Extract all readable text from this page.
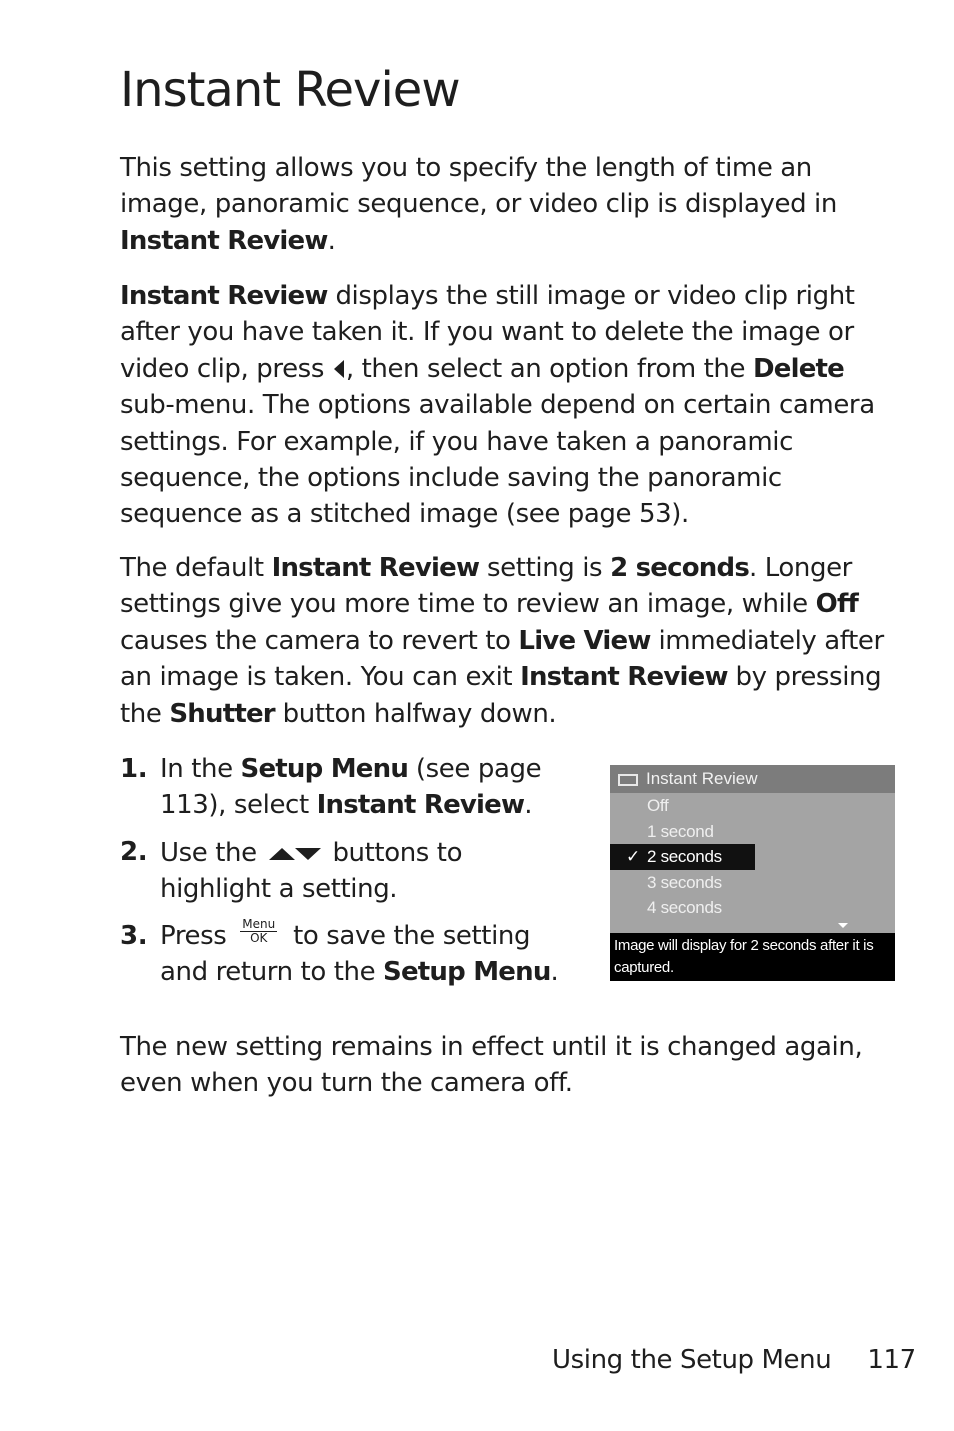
Instant Review

This setting allows you to specify the length of time an image, panoramic sequence, or video clip is displayed in Instant Review.

Instant Review displays the still image or video clip right after you have taken it. If you want to delete the image or video clip, press , then select an option from the Delete sub-menu. The options available depend on certain camera settings. For example, if you have taken a panoramic sequence, the options include saving the panoramic sequence as a stitched image (see page 53).

The default Instant Review setting is 2 seconds. Longer settings give you more time to review an image, while Off causes the camera to revert to Live View immediately after an image is taken. You can exit Instant Review by pressing the Shutter button halfway down.

1. In the Setup Menu (see page 113), select Instant Review.
2. Use the  buttons to highlight a setting.
3. Press Menu
OK to save the setting and return to the Setup Menu.

The new setting remains in effect until it is changed again, even when you turn the camera off.

Instant Review
Off
1 second
✓ 2 seconds
3 seconds
4 seconds
Image will display for 2 seconds after it is captured.
Using the Setup Menu 117
